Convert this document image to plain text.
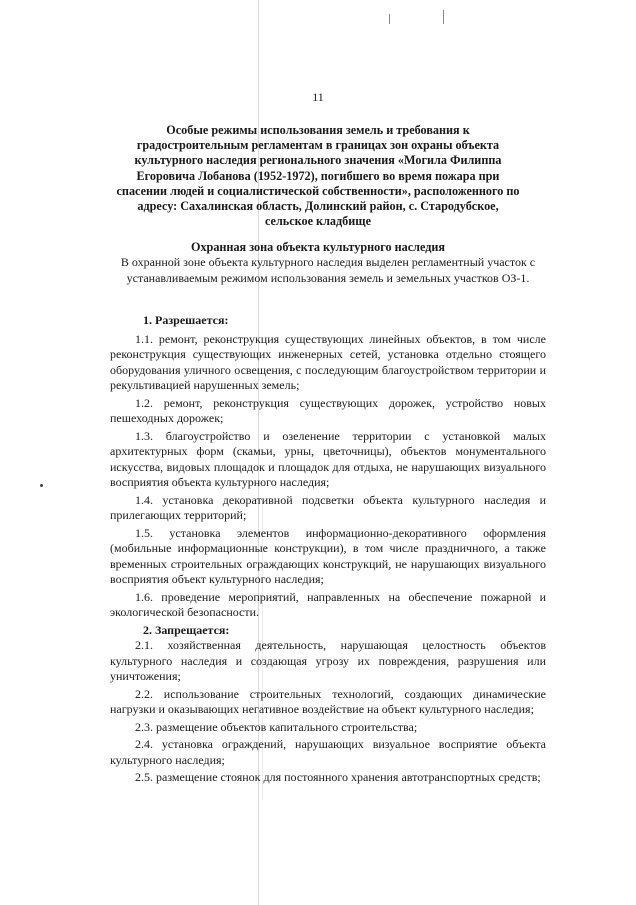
11
Особые режимы использования земель и требования к
градостроительным регламентам в границах зон охраны объекта
культурного наследия регионального значения «Могила Филиппа
Егоровича Лобанова (1952-1972), погибшего во время пожара при
спасении людей и социалистической собственности», расположенного по
адресу: Сахалинская область, Долинский район, с. Стародубское,
сельское кладбище
Охранная зона объекта культурного наследия
В охранной зоне объекта культурного наследия выделен регламентный участок с устанавливаемым режимом использования земель и земельных участков ОЗ-1.

1. Разрешается:

1.1. ремонт, реконструкция существующих линейных объектов, в том числе реконструкция существующих инженерных сетей, установка отдельно стоящего оборудования уличного освещения, с последующим благоустройством территории и рекультивацией нарушенных земель;

1.2. ремонт, реконструкция существующих дорожек, устройство новых пешеходных дорожек;

1.3. благоустройство и озеленение территории с установкой малых архитектурных форм (скамьи, урны, цветочницы), объектов монументального искусства, видовых площадок и площадок для отдыха, не нарушающих визуального восприятия объекта культурного наследия;

1.4. установка декоративной подсветки объекта культурного наследия и прилегающих территорий;

1.5. установка элементов информационно-декоративного оформления (мобильные информационные конструкции), в том числе праздничного, а также временных строительных ограждающих конструкций, не нарушающих визуального восприятия объект культурного наследия;

1.6. проведение мероприятий, направленных на обеспечение пожарной и экологической безопасности.

2. Запрещается:

2.1. хозяйственная деятельность, нарушающая целостность объектов культурного наследия и создающая угрозу их повреждения, разрушения или уничтожения;

2.2. использование строительных технологий, создающих динамические нагрузки и оказывающих негативное воздействие на объект культурного наследия;

2.3. размещение объектов капитального строительства;

2.4. установка ограждений, нарушающих визуальное восприятие объекта культурного наследия;

2.5. размещение стоянок для постоянного хранения автотранспортных средств;
